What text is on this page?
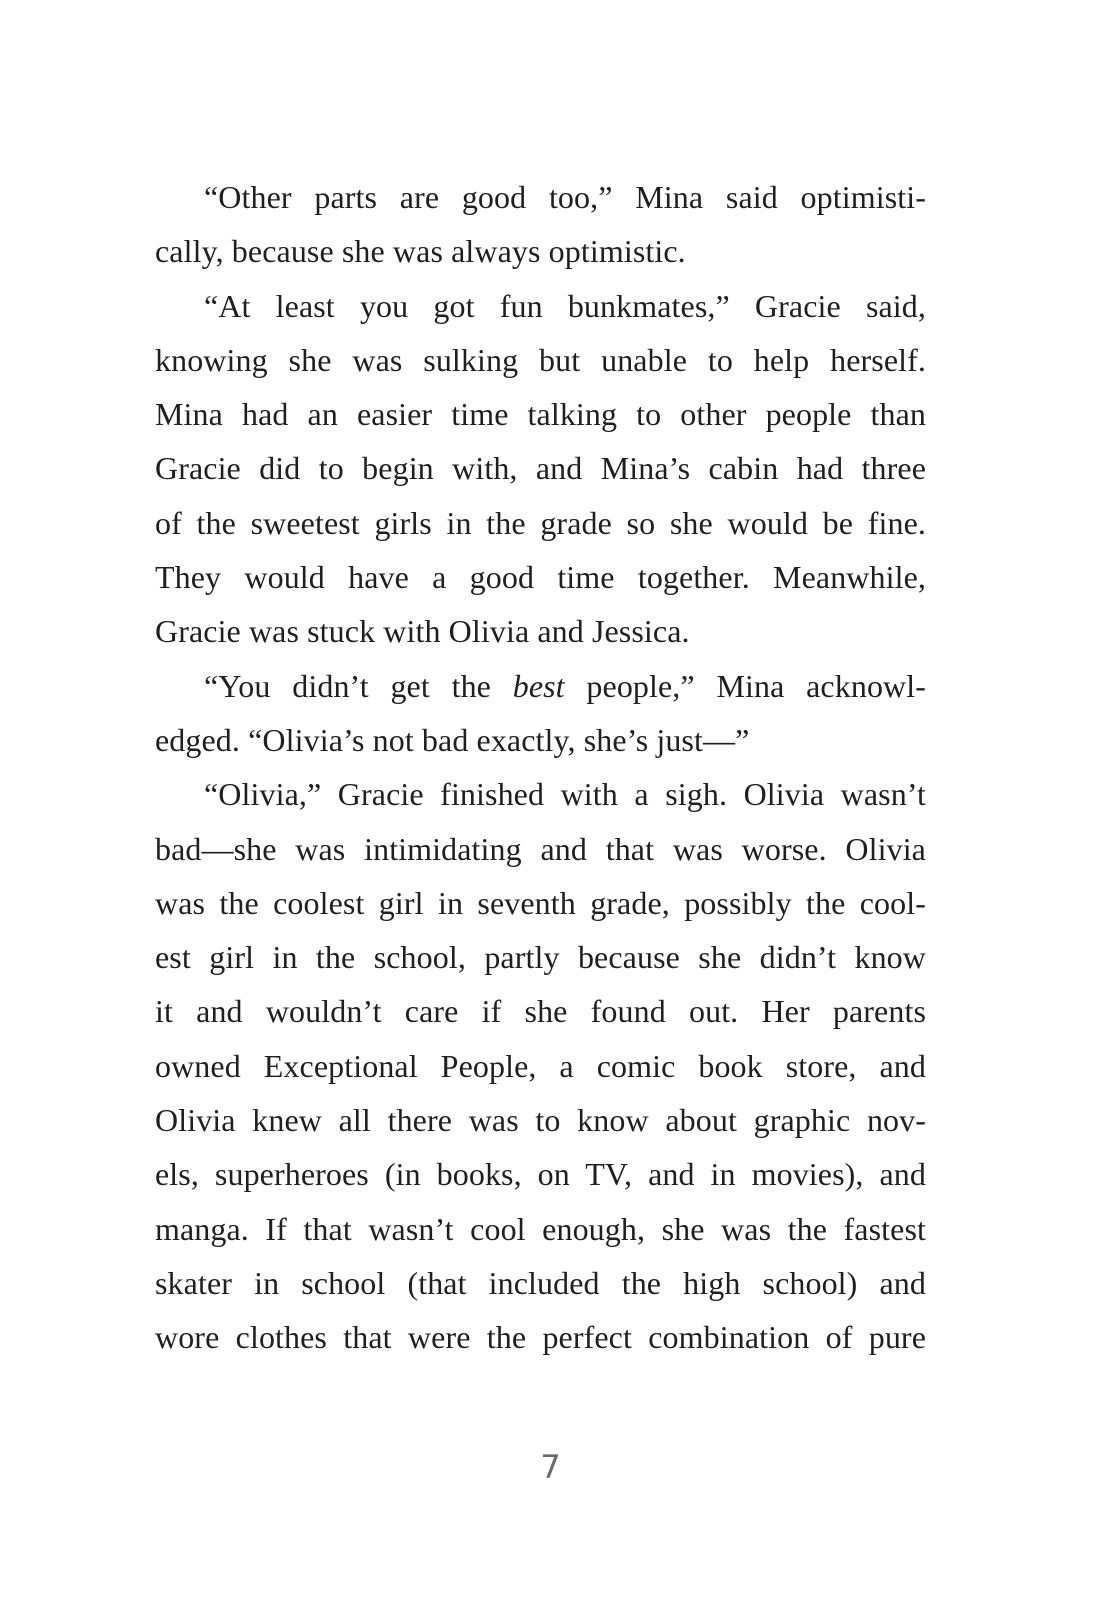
“Other parts are good too,” Mina said optimisti-
cally, because she was always optimistic.
“At least you got fun bunkmates,” Gracie said,
knowing she was sulking but unable to help herself.
Mina had an easier time talking to other people than
Gracie did to begin with, and Mina’s cabin had three
of the sweetest girls in the grade so she would be fine.
They would have a good time together. Meanwhile,
Gracie was stuck with Olivia and Jessica.
“You didn’t get the best people,” Mina acknowl-
edged. “Olivia’s not bad exactly, she’s just—”
“Olivia,” Gracie finished with a sigh. Olivia wasn’t
bad—she was intimidating and that was worse. Olivia
was the coolest girl in seventh grade, possibly the cool-
est girl in the school, partly because she didn’t know
it and wouldn’t care if she found out. Her parents
owned Exceptional People, a comic book store, and
Olivia knew all there was to know about graphic nov-
els, superheroes (in books, on TV, and in movies), and
manga. If that wasn’t cool enough, she was the fastest
skater in school (that included the high school) and
wore clothes that were the perfect combination of pure
7
